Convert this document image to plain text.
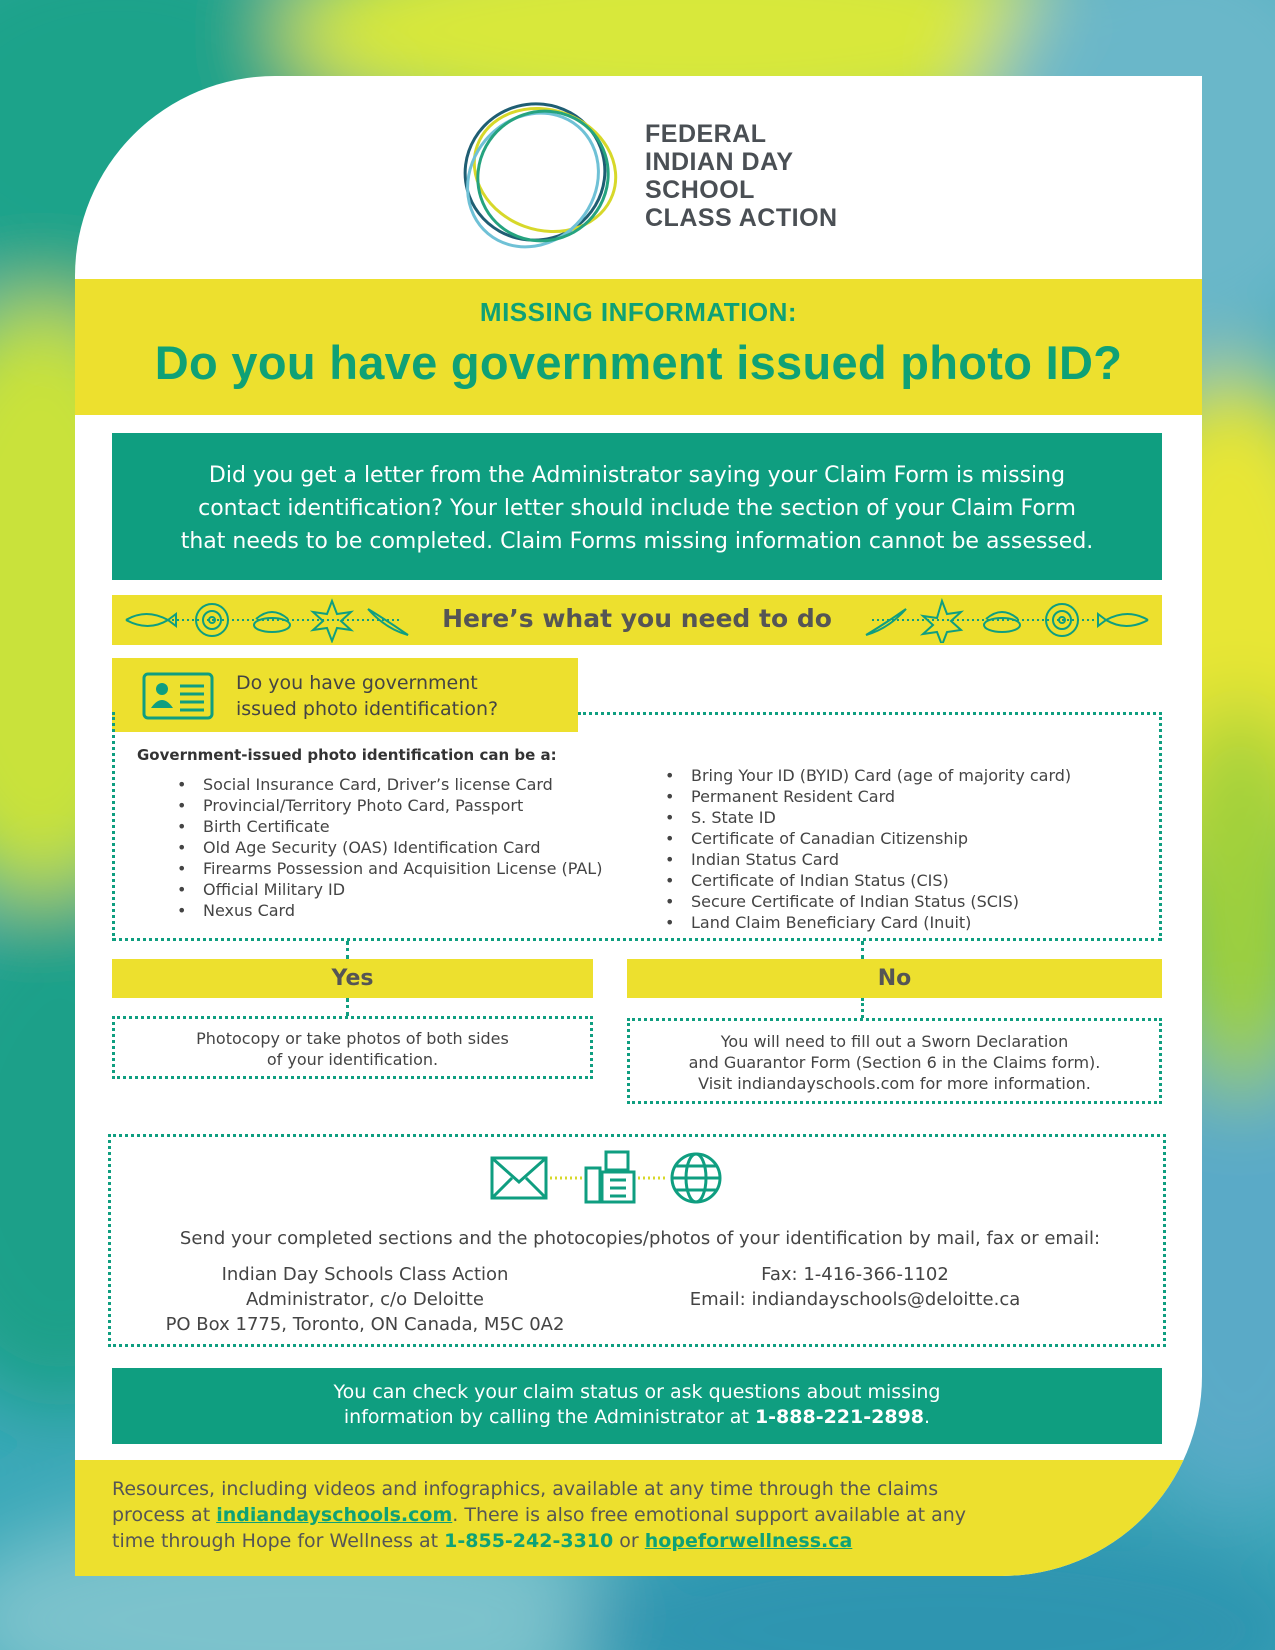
FEDERAL
INDIAN DAY
SCHOOL
CLASS ACTION
MISSING INFORMATION:
Do you have government issued photo ID?

Did you get a letter from the Administrator saying your Claim Form is missing

contact identification? Your letter should include the section of your Claim Form

that needs to be completed. Claim Forms missing information cannot be assessed.

Here’s what you need to do
Do you have government
issued photo identification?
Government-issued photo identification can be a:
• Social Insurance Card, Driver’s license Card
• Provincial/Territory Photo Card, Passport
• Birth Certificate
• Old Age Security (OAS) Identification Card
• Firearms Possession and Acquisition License (PAL)
• Official Military ID
• Nexus Card
• Bring Your ID (BYID) Card (age of majority card)
• Permanent Resident Card
• S. State ID
• Certificate of Canadian Citizenship
• Indian Status Card
• Certificate of Indian Status (CIS)
• Secure Certificate of Indian Status (SCIS)
• Land Claim Beneficiary Card (Inuit)
Yes	No
Photocopy or take photos of both sides
of your identification.
You will need to fill out a Sworn Declaration
and Guarantor Form (Section 6 in the Claims form).
Visit indiandayschools.com for more information.
Send your completed sections and the photocopies/photos of your identification by mail, fax or email:
Indian Day Schools Class Action
Administrator, c/o Deloitte
PO Box 1775, Toronto, ON Canada, M5C 0A2
Fax: 1-416-366-1102
Email: indiandayschools@deloitte.ca
You can check your claim status or ask questions about missing
information by calling the Administrator at 1-888-221-2898.
Resources, including videos and infographics, available at any time through the claims
process at indiandayschools.com. There is also free emotional support available at any
time through Hope for Wellness at 1-855-242-3310 or hopeforwellness.ca
